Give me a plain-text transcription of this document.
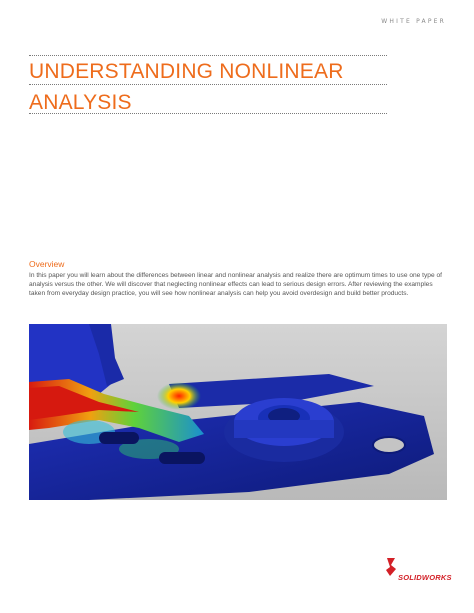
WHITE PAPER
UNDERSTANDING NONLINEAR
ANALYSIS
Overview

In this paper you will learn about the differences between linear and nonlinear analysis and realize there are optimum times to use one type of analysis versus the other. We will discover that neglecting nonlinear effects can lead to serious design errors. After reviewing the examples taken from everyday design practice, you will see how nonlinear analysis can help you avoid overdesign and build better products.

SOLIDWORKS
